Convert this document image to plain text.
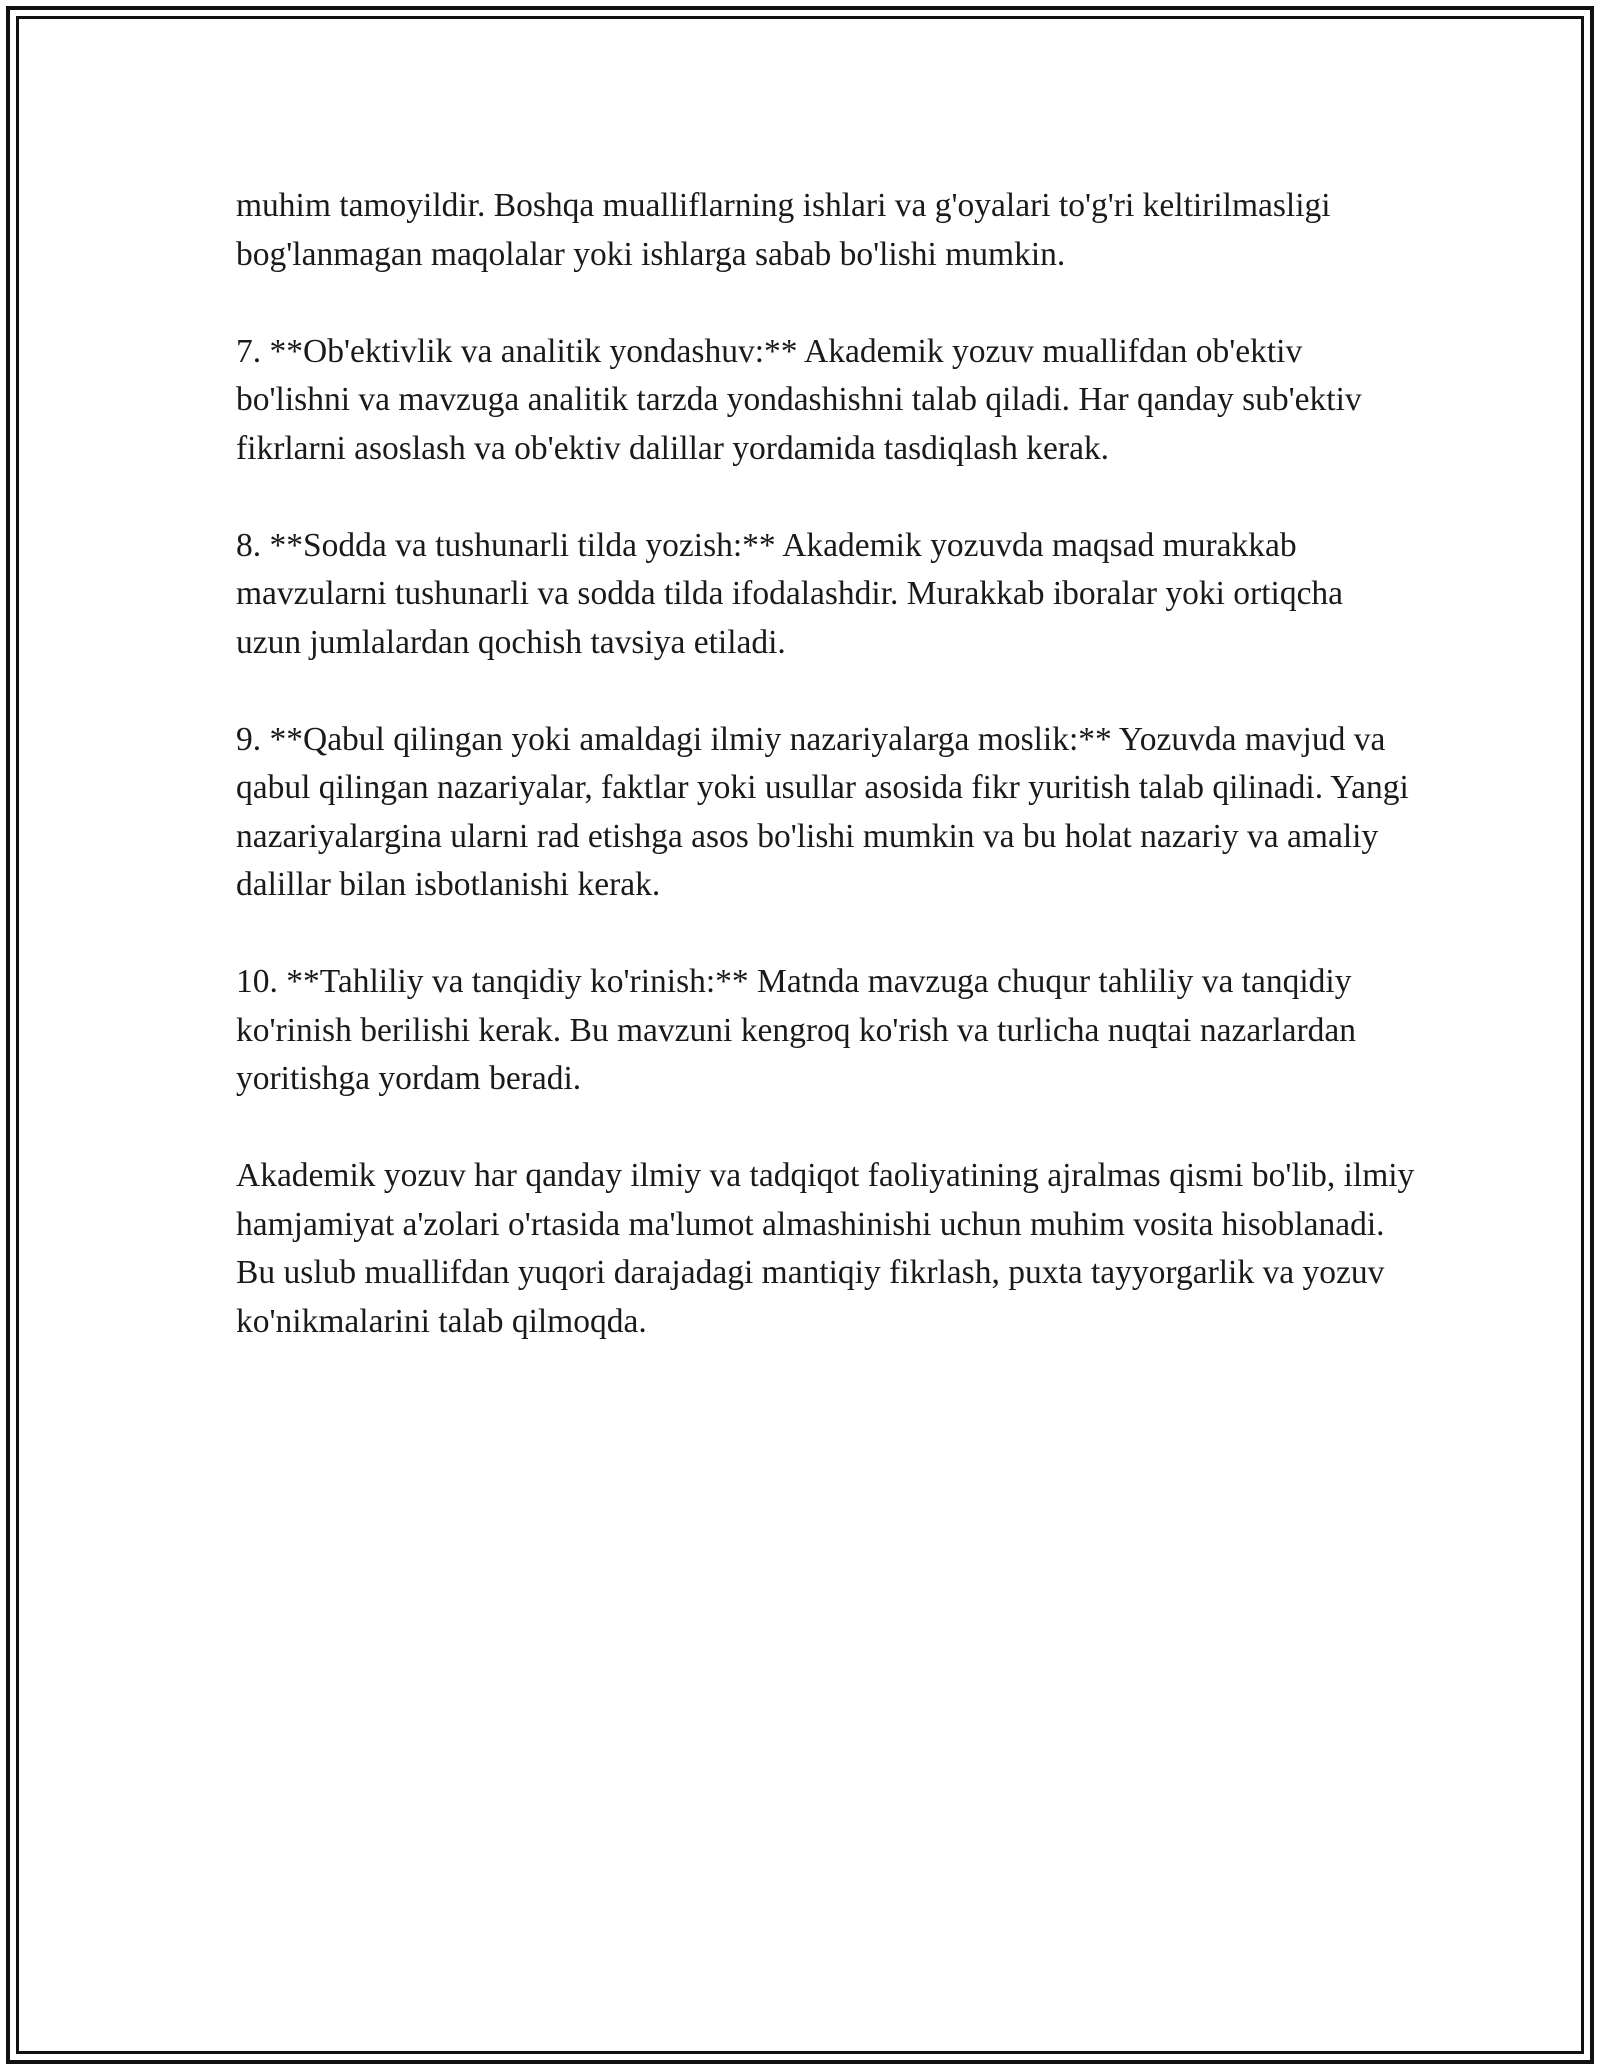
muhim tamoyildir. Boshqa mualliflarning ishlari va g'oyalari to'g'ri keltirilmasligi bog'lanmagan maqolalar yoki ishlarga sabab bo'lishi mumkin.

7. **Ob'ektivlik va analitik yondashuv:** Akademik yozuv muallifdan ob'ektiv bo'lishni va mavzuga analitik tarzda yondashishni talab qiladi. Har qanday sub'ektiv fikrlarni asoslash va ob'ektiv dalillar yordamida tasdiqlash kerak.

8. **Sodda va tushunarli tilda yozish:** Akademik yozuvda maqsad murakkab mavzularni tushunarli va sodda tilda ifodalashdir. Murakkab iboralar yoki ortiqcha uzun jumlalardan qochish tavsiya etiladi.

9. **Qabul qilingan yoki amaldagi ilmiy nazariyalarga moslik:** Yozuvda mavjud va qabul qilingan nazariyalar, faktlar yoki usullar asosida fikr yuritish talab qilinadi. Yangi nazariyalargina ularni rad etishga asos bo'lishi mumkin va bu holat nazariy va amaliy dalillar bilan isbotlanishi kerak.

10. **Tahliliy va tanqidiy ko'rinish:** Matnda mavzuga chuqur tahliliy va tanqidiy ko'rinish berilishi kerak. Bu mavzuni kengroq ko'rish va turlicha nuqtai nazarlardan yoritishga yordam beradi.

Akademik yozuv har qanday ilmiy va tadqiqot faoliyatining ajralmas qismi bo'lib, ilmiy hamjamiyat a'zolari o'rtasida ma'lumot almashinishi uchun muhim vosita hisoblanadi. Bu uslub muallifdan yuqori darajadagi mantiqiy fikrlash, puxta tayyorgarlik va yozuv ko'nikmalarini talab qilmoqda.
